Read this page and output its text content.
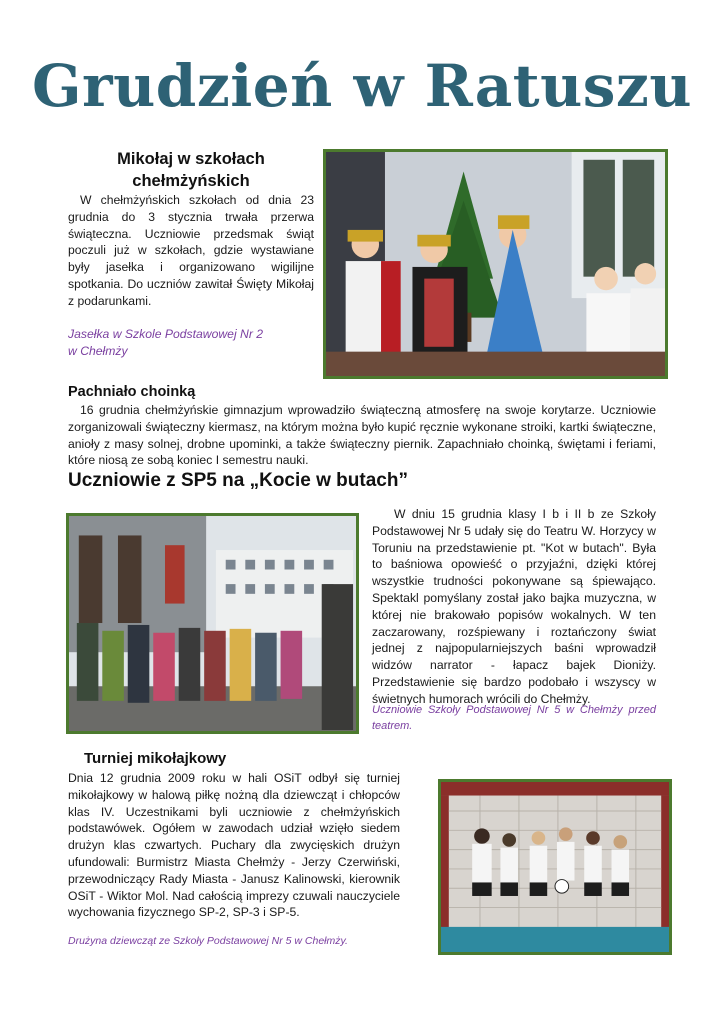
Grudzień w Ratuszu
Mikołaj w szkołach
chełmżyńskich

W chełmżyńskich szkołach od dnia 23 grudnia do 3 stycznia trwała przerwa świąteczna. Uczniowie przedsmak świąt poczuli już w szkołach, gdzie wystawiane były jasełka i organizowano wigilijne spotkania. Do uczniów zawitał Święty Mikołaj z podarunkami.

Jasełka w Szkole Podstawowej Nr 2
w Chełmży
Pachniało choinką

16 grudnia chełmżyńskie gimnazjum wprowadziło świąteczną atmosferę na swoje korytarze. Uczniowie zorganizowali świąteczny kiermasz, na którym można było kupić ręcznie wykonane stroiki, kartki świąteczne, anioły z masy solnej, drobne upominki, a także świąteczny piernik. Zapachniało choinką, świętami i feriami, które niosą ze sobą koniec I semestru nauki.

Uczniowie z SP5 na „Kocie w butach”

W dniu 15 grudnia klasy I b i II b ze Szkoły Podstawowej Nr 5 udały się do Teatru W. Horzycy w Toruniu na przedstawienie pt. "Kot w butach". Była to baśniowa opowieść o przyjaźni, dzięki której wszystkie trudności pokonywane są śpiewająco. Spektakl pomyślany został jako bajka muzyczna, w której nie brakowało popisów wokalnych. W ten zaczarowany, rozśpiewany i roztańczony świat jednej z najpopularniejszych baśni wprowadził widzów narrator - łapacz bajek Dioniży. Przedstawienie się bardzo podobało i wszyscy w świetnych humorach wrócili do Chełmży.

Uczniowie Szkoły Podstawowej Nr 5 w Chełmży przed teatrem.

Turniej mikołajkowy

Dnia 12 grudnia 2009 roku w hali OSiT odbył się turniej mikołajkowy w halową piłkę nożną dla dziewcząt i chłopców klas IV. Uczestnikami byli uczniowie z chełmżyńskich podstawówek. Ogółem w zawodach udział wzięło siedem drużyn klas czwartych. Puchary dla zwycięskich drużyn ufundowali: Burmistrz Miasta Chełmży - Jerzy Czerwiński, przewodniczący Rady Miasta - Janusz Kalinowski, kierownik OSiT - Wiktor Mol. Nad całością imprezy czuwali nauczyciele wychowania fizycznego SP-2, SP-3 i SP-5.

Drużyna dziewcząt ze Szkoły Podstawowej Nr 5 w Chełmży.
